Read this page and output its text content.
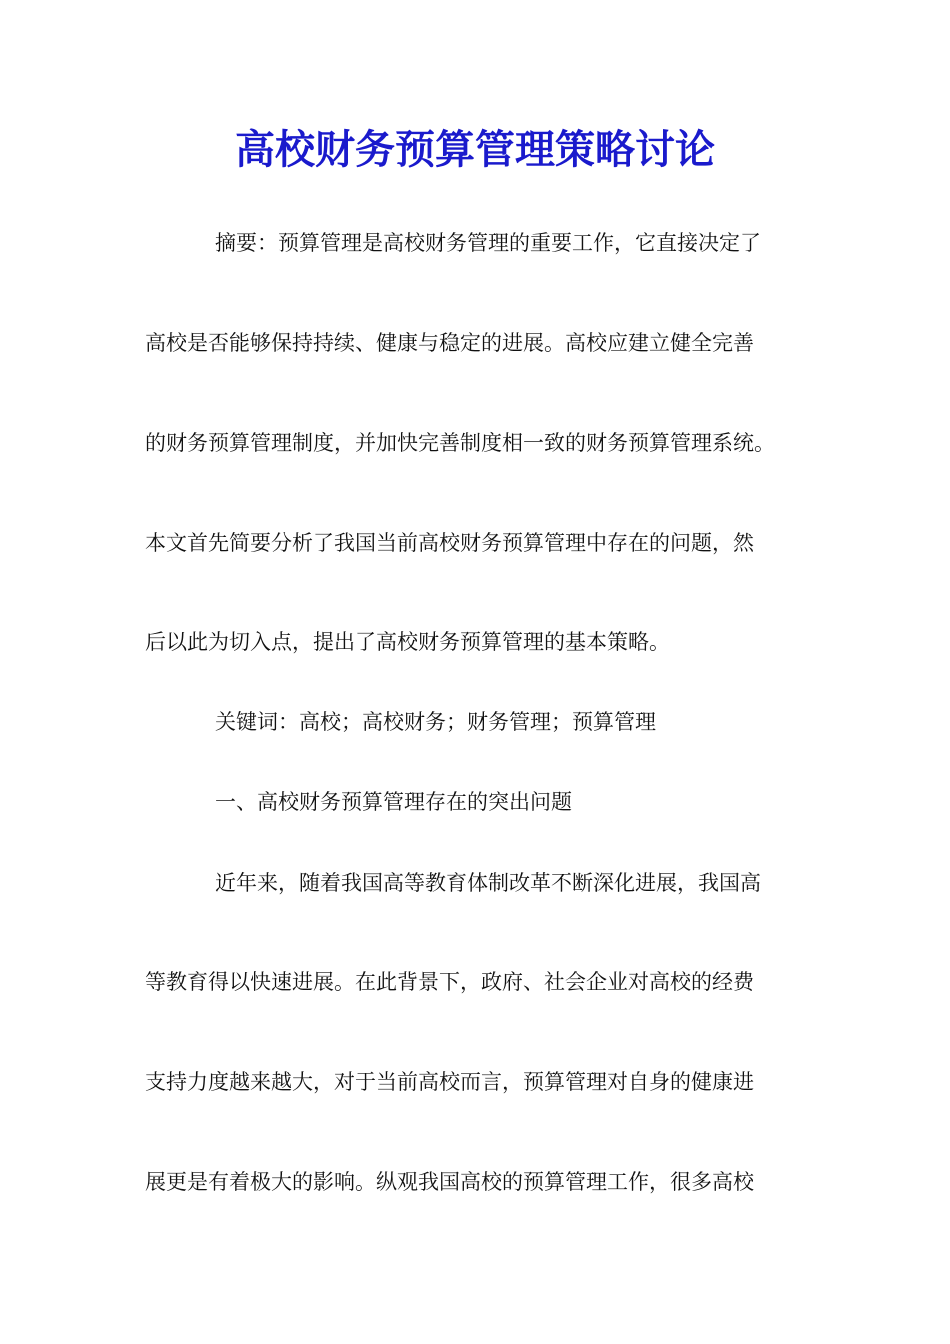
高校财务预算管理策略讨论

摘要：预算管理是高校财务管理的重要工作，它直接决定了

高校是否能够保持持续、健康与稳定的进展。高校应建立健全完善

的财务预算管理制度，并加快完善制度相一致的财务预算管理系统。

本文首先简要分析了我国当前高校财务预算管理中存在的问题，然

后以此为切入点，提出了高校财务预算管理的基本策略。

关键词：高校；高校财务；财务管理；预算管理

一、高校财务预算管理存在的突出问题

近年来，随着我国高等教育体制改革不断深化进展，我国高

等教育得以快速进展。在此背景下，政府、社会企业对高校的经费

支持力度越来越大，对于当前高校而言，预算管理对自身的健康进

展更是有着极大的影响。纵观我国高校的预算管理工作，很多高校
